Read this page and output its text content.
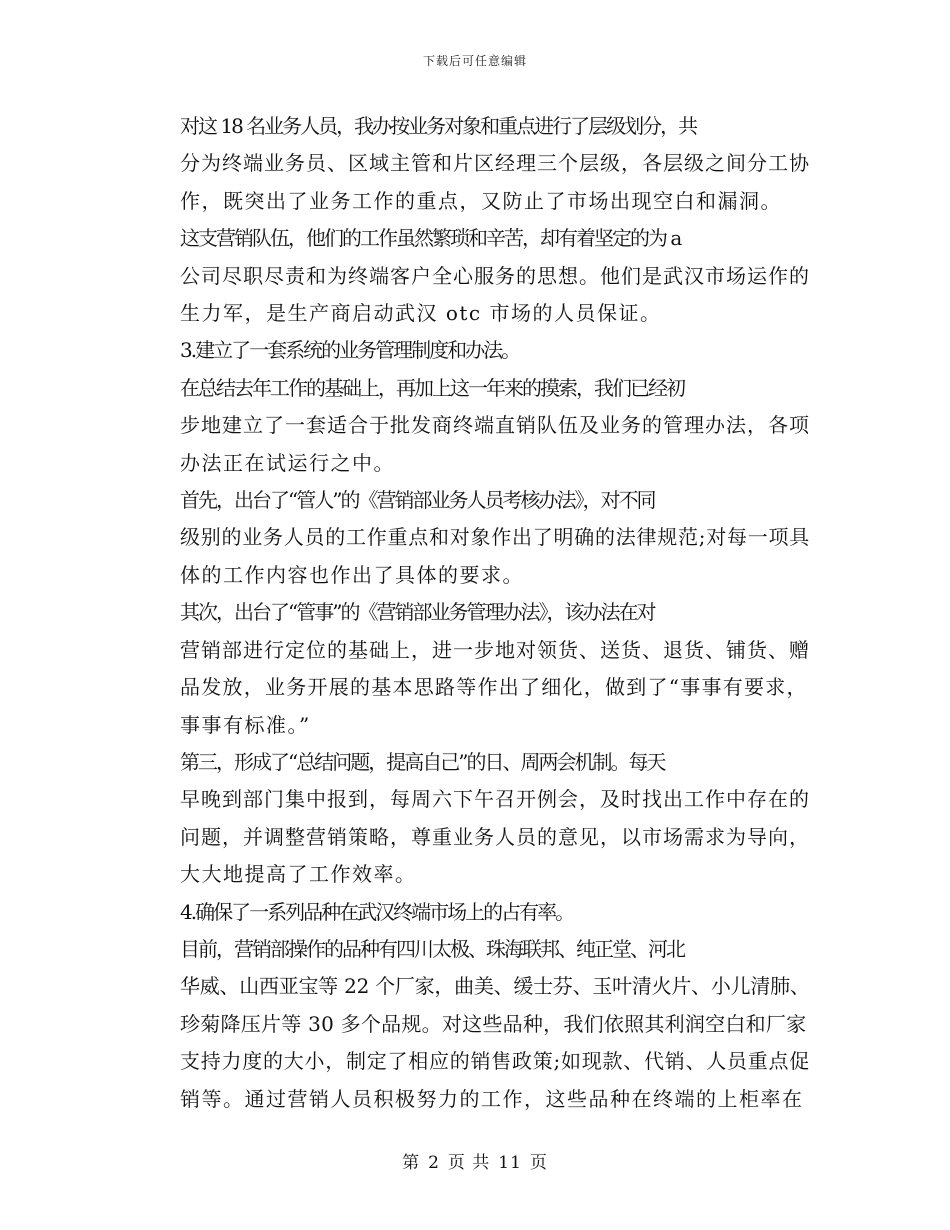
下载后可任意编辑

对这 18 名业务人员，我办按业务对象和重点进行了层级划分，共
分为终端业务员、区域主管和片区经理三个层级，各层级之间分工协
作，既突出了业务工作的重点，又防止了市场出现空白和漏洞。

这支营销队伍，他们的工作虽然繁琐和辛苦，却有着坚定的为 a
公司尽职尽责和为终端客户全心服务的思想。他们是武汉市场运作的
生力军，是生产商启动武汉 otc 市场的人员保证。

3.建立了一套系统的业务管理制度和办法。

在总结去年工作的基础上，再加上这一年来的摸索，我们已经初
步地建立了一套适合于批发商终端直销队伍及业务的管理办法，各项
办法正在试运行之中。

首先，出台了“管人”的《营销部业务人员考核办法》，对不同
级别的业务人员的工作重点和对象作出了明确的法律规范;对每一项具
体的工作内容也作出了具体的要求。

其次，出台了“管事”的《营销部业务管理办法》，该办法在对
营销部进行定位的基础上，进一步地对领货、送货、退货、铺货、赠
品发放，业务开展的基本思路等作出了细化，做到了“事事有要求，
事事有标准。”

第三，形成了“总结问题，提高自己”的日、周两会机制。每天
早晚到部门集中报到，每周六下午召开例会，及时找出工作中存在的
问题，并调整营销策略，尊重业务人员的意见，以市场需求为导向，
大大地提高了工作效率。

4.确保了一系列品种在武汉终端市场上的占有率。

目前，营销部操作的品种有四川太极、珠海联邦、纯正堂、河北
华威、山西亚宝等 22 个厂家，曲美、缓士芬、玉叶清火片、小儿清肺、
珍菊降压片等 30 多个品规。对这些品种，我们依照其利润空白和厂家
支持力度的大小，制定了相应的销售政策;如现款、代销、人员重点促
销等。通过营销人员积极努力的工作，这些品种在终端的上柜率在

第 2 页 共 11 页
